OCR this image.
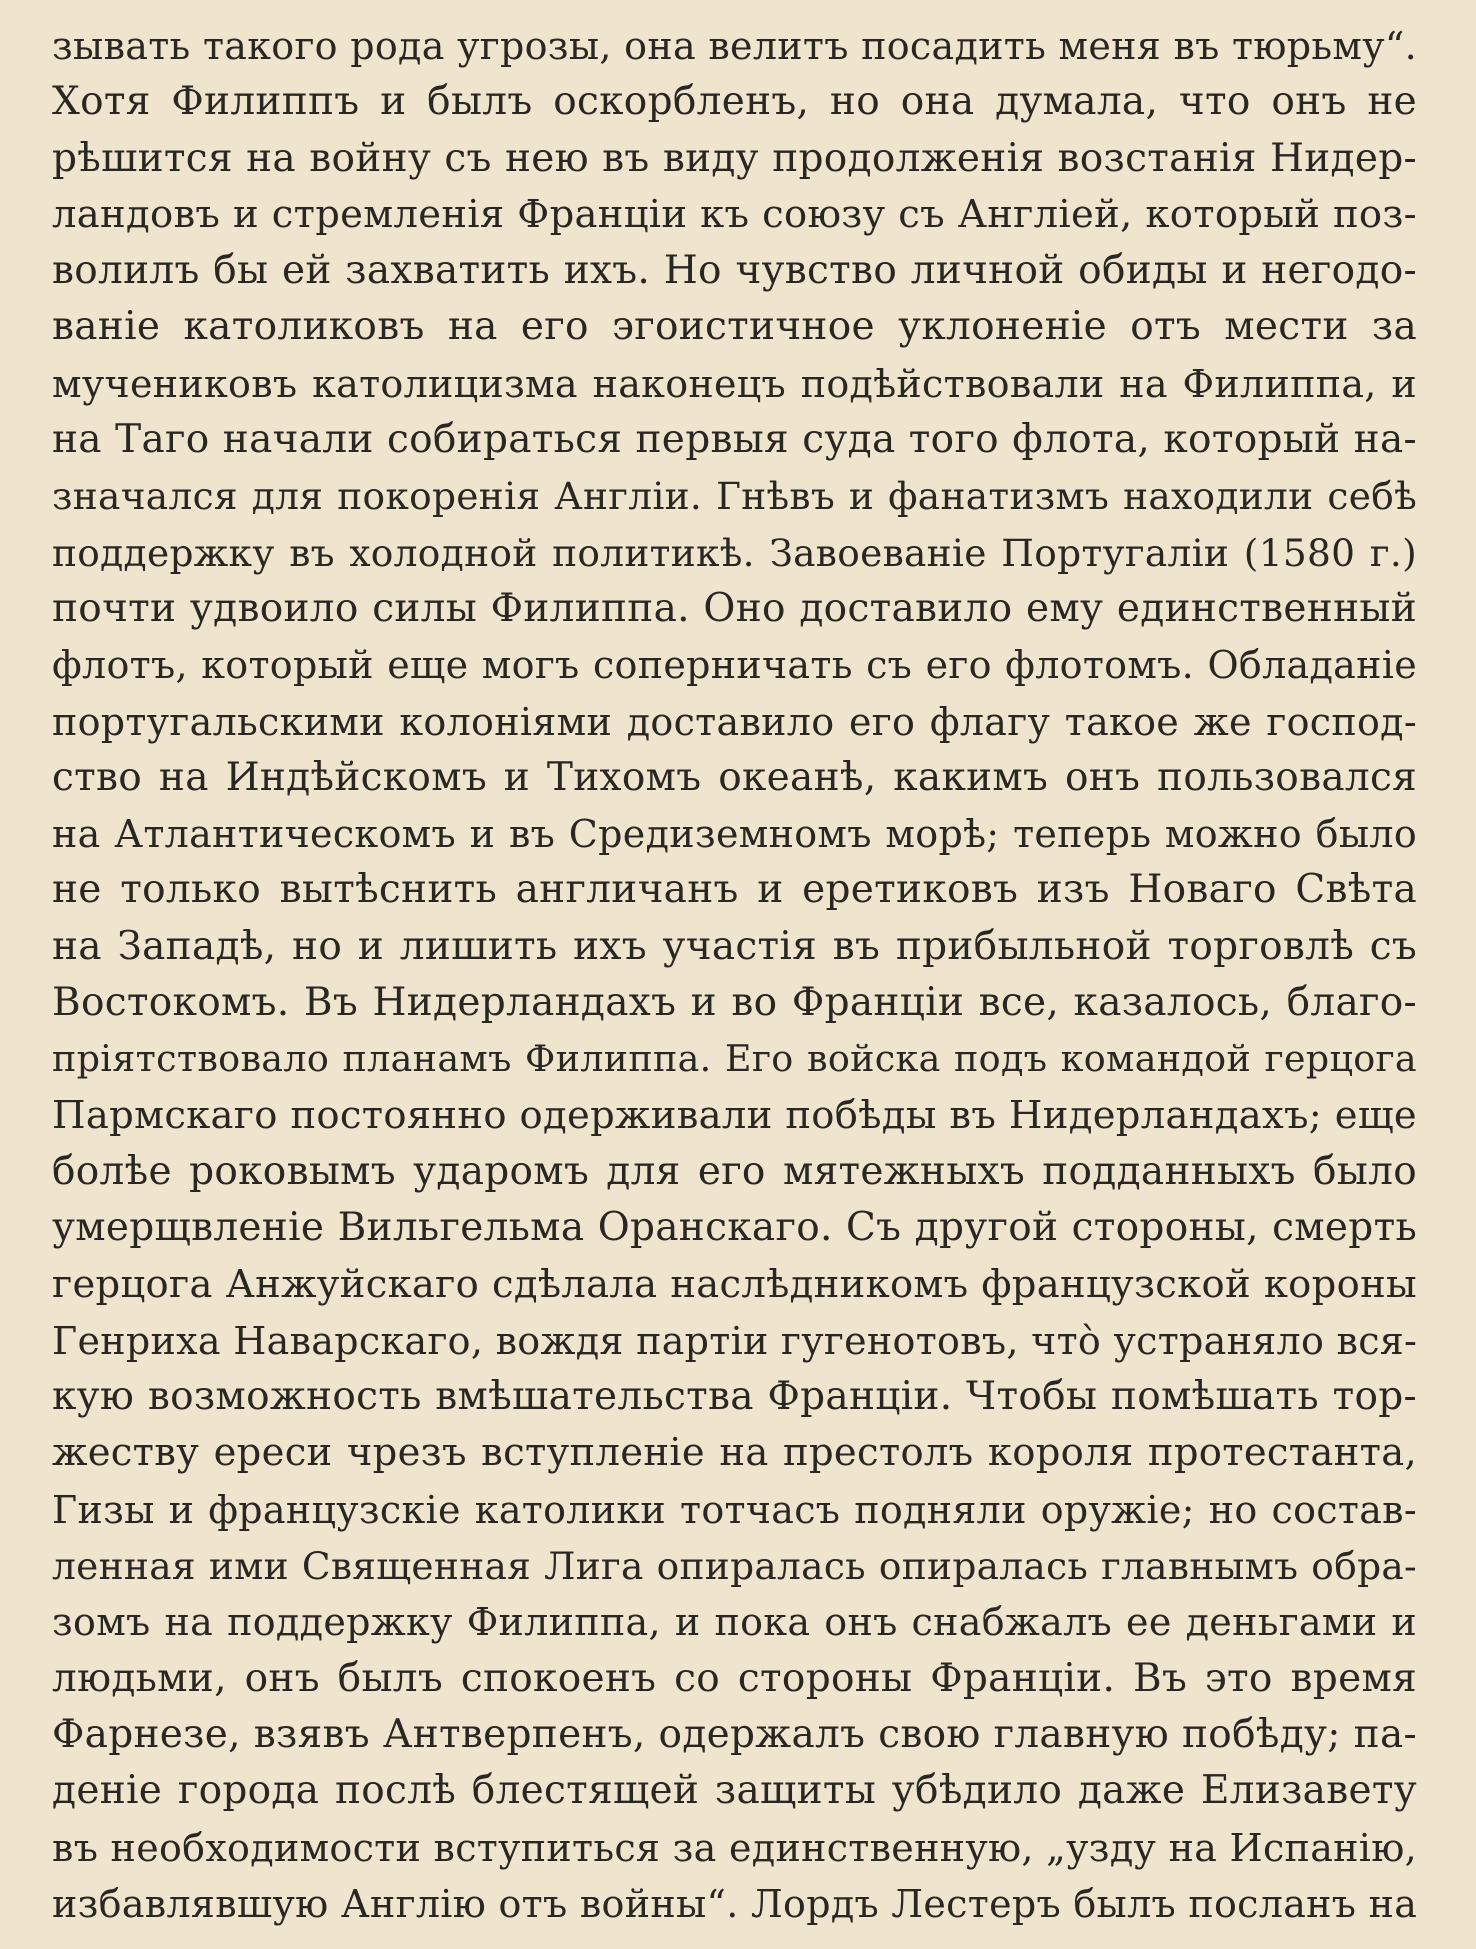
зывать такого рода угрозы, она велитъ посадить меня въ тюрьму“.
Хотя Филиппъ и былъ оскорбленъ, но она думала, что онъ не
рѣшится на войну съ нею въ виду продолженія возстанія Нидер-
ландовъ и стремленія Франціи къ союзу съ Англіей, который поз-
волилъ бы ей захватить ихъ. Но чувство личной обиды и негодо-
ваніе католиковъ на его эгоистичное уклоненіе отъ мести за
мучениковъ католицизма наконецъ подѣйствовали на Филиппа, и
на Таго начали собираться первыя суда того флота, который на-
значался для покоренія Англіи. Гнѣвъ и фанатизмъ находили себѣ
поддержку въ холодной политикѣ. Завоеваніе Португаліи (1580 г.)
почти удвоило силы Филиппа. Оно доставило ему единственный
флотъ, который еще могъ соперничать съ его флотомъ. Обладаніе
португальскими колоніями доставило его флагу такое же господ-
ство на Индѣйскомъ и Тихомъ океанѣ, какимъ онъ пользовался
на Атлантическомъ и въ Средиземномъ морѣ; теперь можно было
не только вытѣснить англичанъ и еретиковъ изъ Новаго Свѣта
на Западѣ, но и лишить ихъ участія въ прибыльной торговлѣ съ
Востокомъ. Въ Нидерландахъ и во Франціи все, казалось, благо-
пріятствовало планамъ Филиппа. Его войска подъ командой герцога
Пармскаго постоянно одерживали побѣды въ Нидерландахъ; еще
болѣе роковымъ ударомъ для его мятежныхъ подданныхъ было
умерщвленіе Вильгельма Оранскаго. Съ другой стороны, смерть
герцога Анжуйскаго сдѣлала наслѣдникомъ французской короны
Генриха Наварскаго, вождя партіи гугенотовъ, что̀ устраняло вся-
кую возможность вмѣшательства Франціи. Чтобы помѣшать тор-
жеству ереси чрезъ вступленіе на престолъ короля протестанта,
Гизы и французскіе католики тотчасъ подняли оружіе; но состав-
ленная ими Священная Лига опиралась опиралась главнымъ обра-
зомъ на поддержку Филиппа, и пока онъ снабжалъ ее деньгами и
людьми, онъ былъ спокоенъ со стороны Франціи. Въ это время
Фарнезе, взявъ Антверпенъ, одержалъ свою главную побѣду; па-
деніе города послѣ блестящей защиты убѣдило даже Елизавету
въ необходимости вступиться за единственную, „узду на Испанію,
избавлявшую Англію отъ войны“. Лордъ Лестеръ былъ посланъ на
